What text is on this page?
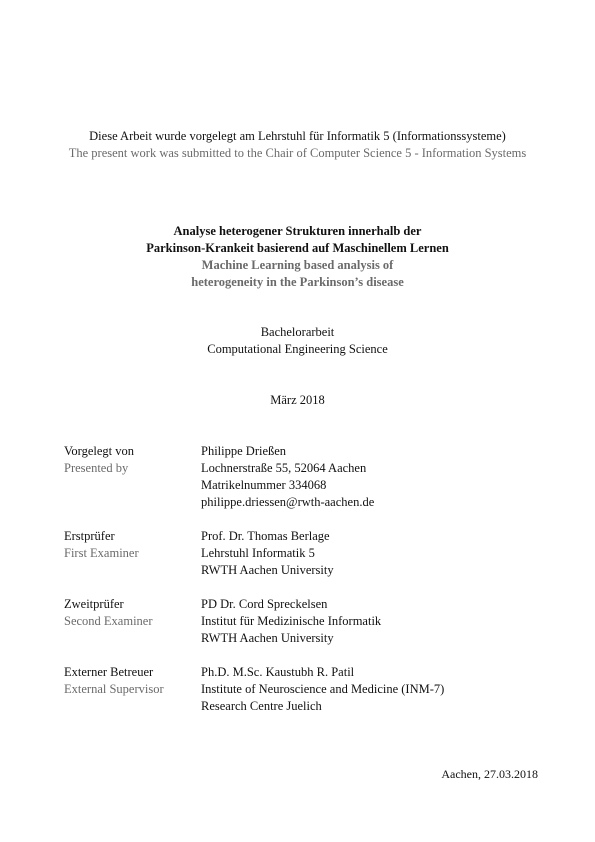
Diese Arbeit wurde vorgelegt am Lehrstuhl für Informatik 5 (Informationssysteme)
The present work was submitted to the Chair of Computer Science 5 - Information Systems
Analyse heterogener Strukturen innerhalb der
Parkinson-Krankeit basierend auf Maschinellem Lernen
Machine Learning based analysis of
heterogeneity in the Parkinson’s disease
Bachelorarbeit
Computational Engineering Science
März 2018
Vorgelegt von
Presented by
Philippe Drießen
Lochnerstraße 55, 52064 Aachen
Matrikelnummer 334068
philippe.driessen@rwth-aachen.de
Erstprüfer
First Examiner
Prof. Dr. Thomas Berlage
Lehrstuhl Informatik 5
RWTH Aachen University
Zweitprüfer
Second Examiner
PD Dr. Cord Spreckelsen
Institut für Medizinische Informatik
RWTH Aachen University
Externer Betreuer
External Supervisor
Ph.D. M.Sc. Kaustubh R. Patil
Institute of Neuroscience and Medicine (INM-7)
Research Centre Juelich
Aachen, 27.03.2018
